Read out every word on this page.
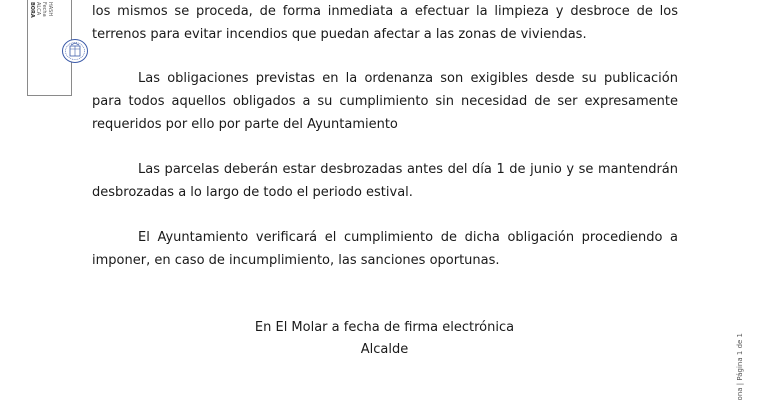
BORA ALCA Fecha HASH	los mismos se proceda, de forma inmediata a efectuar la limpieza y desbroce de los
terrenos para evitar incendios que puedan afectar a las zonas de viviendas.
Las obligaciones previstas en la ordenanza son exigibles desde su publicación para todos aquellos obligados a su cumplimiento sin necesidad de ser expresamente requeridos por ello por parte del Ayuntamiento
Las parcelas deberán estar desbrozadas antes del día 1 de junio y se mantendrán desbrozadas a lo largo de todo el periodo estival.
El Ayuntamiento verificará el cumplimiento de dicha obligación procediendo a imponer, en caso de incumplimiento, las sanciones oportunas.
En El Molar a fecha de firma electrónica
Alcalde	ona | Página 1 de 1
